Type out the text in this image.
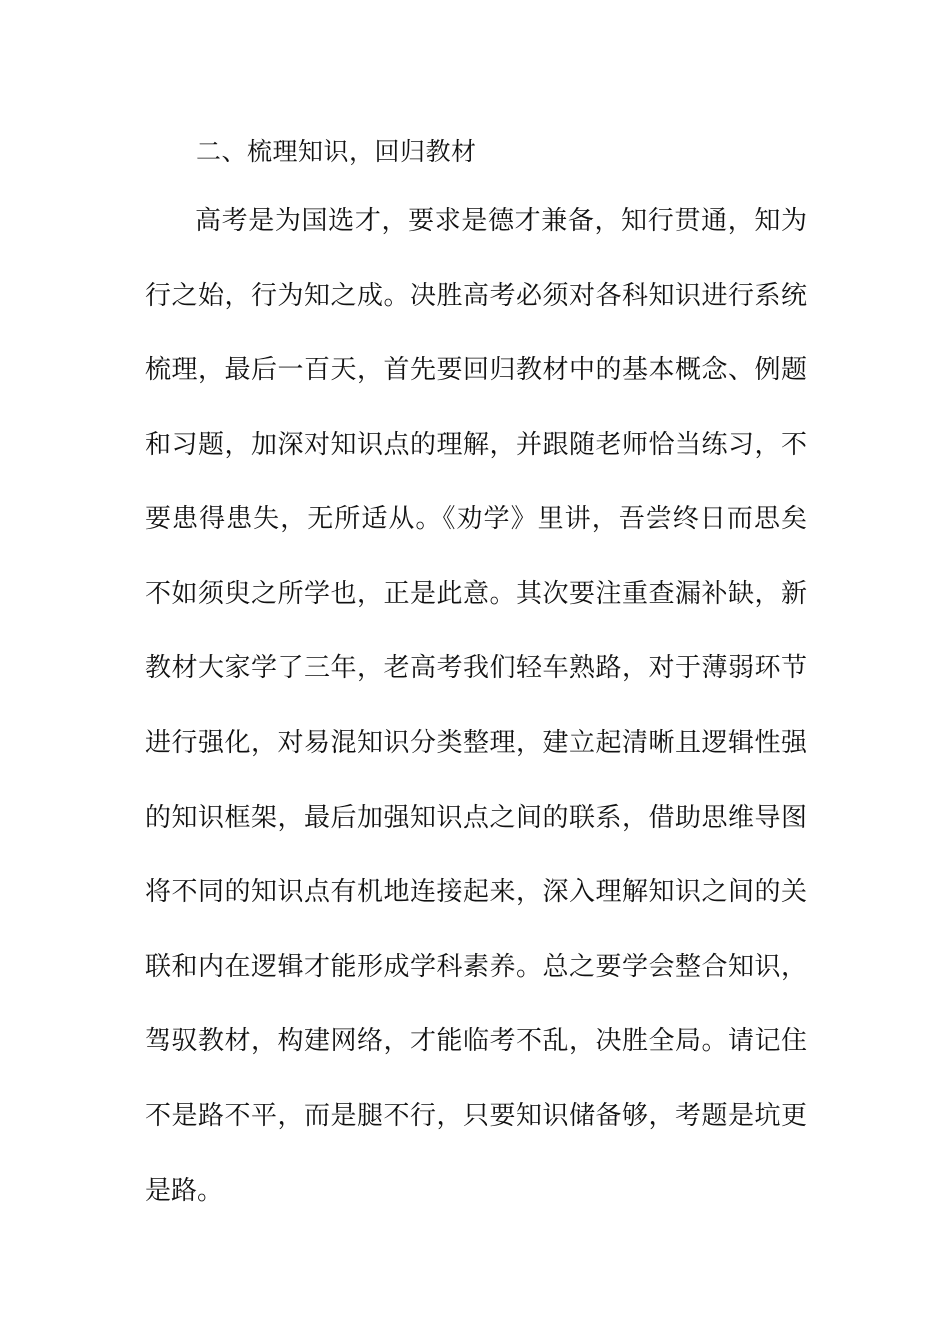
二、梳理知识，回归教材
高考是为国选才，要求是德才兼备，知行贯通，知为
行之始，行为知之成。决胜高考必须对各科知识进行系统
梳理，最后一百天，首先要回归教材中的基本概念、例题
和习题，加深对知识点的理解，并跟随老师恰当练习，不
要患得患失，无所适从。《劝学》里讲，吾尝终日而思矣
不如须臾之所学也，正是此意。其次要注重查漏补缺，新
教材大家学了三年，老高考我们轻车熟路，对于薄弱环节
进行强化，对易混知识分类整理，建立起清晰且逻辑性强
的知识框架，最后加强知识点之间的联系，借助思维导图
将不同的知识点有机地连接起来，深入理解知识之间的关
联和内在逻辑才能形成学科素养。总之要学会整合知识，
驾驭教材，构建网络，才能临考不乱，决胜全局。请记住
不是路不平，而是腿不行，只要知识储备够，考题是坑更
是路。
